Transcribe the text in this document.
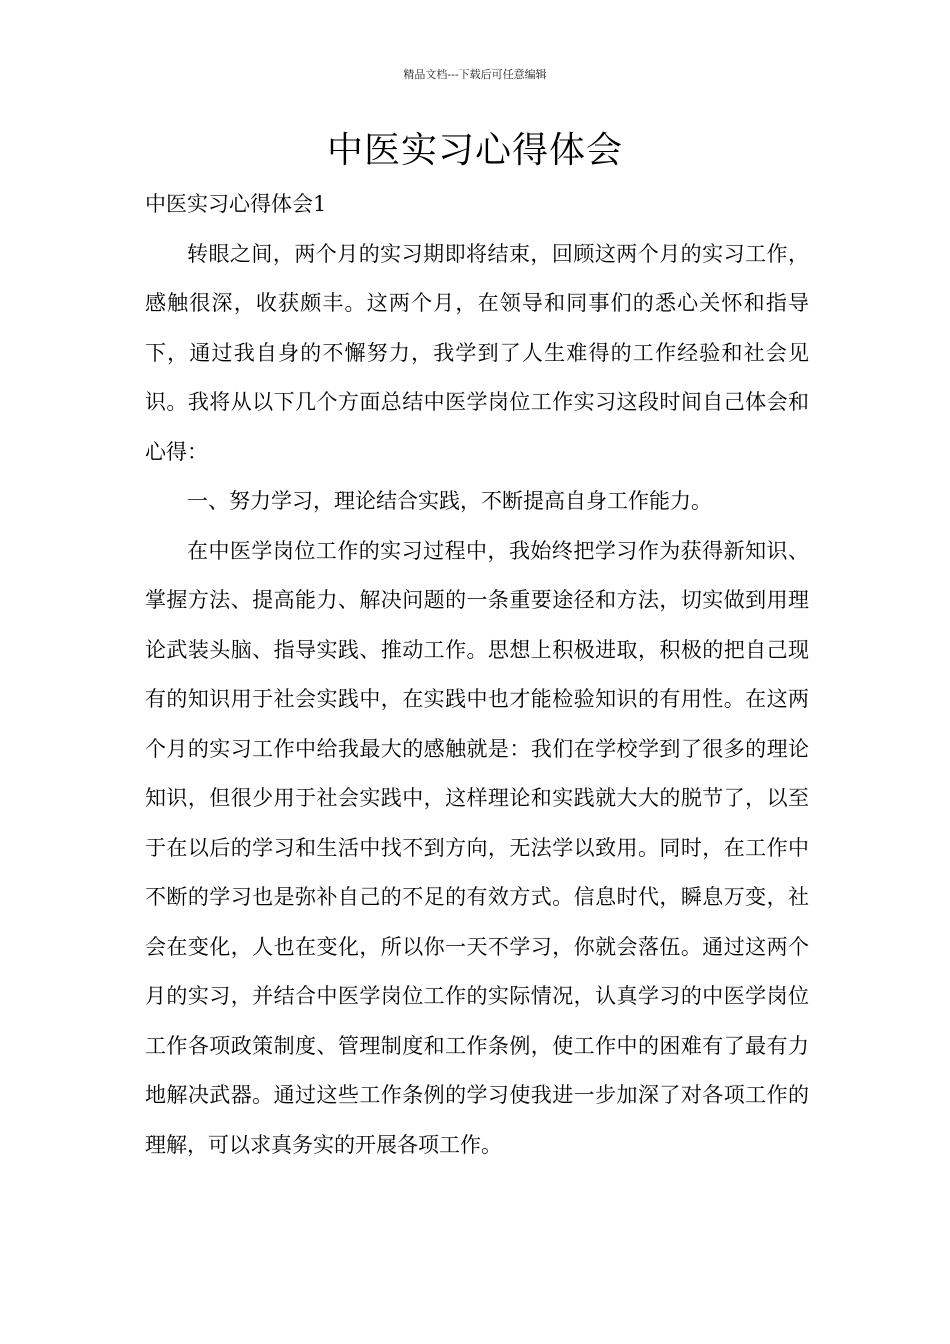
精品文档---下载后可任意编辑
中医实习心得体会

中医实习心得体会1

转眼之间，两个月的实习期即将结束，回顾这两个月的实习工作，感触很深，收获颇丰。这两个月，在领导和同事们的悉心关怀和指导下，通过我自身的不懈努力，我学到了人生难得的工作经验和社会见识。我将从以下几个方面总结中医学岗位工作实习这段时间自己体会和心得：

一、努力学习，理论结合实践，不断提高自身工作能力。

在中医学岗位工作的实习过程中，我始终把学习作为获得新知识、掌握方法、提高能力、解决问题的一条重要途径和方法，切实做到用理论武装头脑、指导实践、推动工作。思想上积极进取，积极的把自己现有的知识用于社会实践中，在实践中也才能检验知识的有用性。在这两个月的实习工作中给我最大的感触就是：我们在学校学到了很多的理论知识，但很少用于社会实践中，这样理论和实践就大大的脱节了，以至于在以后的学习和生活中找不到方向，无法学以致用。同时，在工作中不断的学习也是弥补自己的不足的有效方式。信息时代，瞬息万变，社会在变化，人也在变化，所以你一天不学习，你就会落伍。通过这两个月的实习，并结合中医学岗位工作的实际情况，认真学习的中医学岗位工作各项政策制度、管理制度和工作条例，使工作中的困难有了最有力地解决武器。通过这些工作条例的学习使我进一步加深了对各项工作的理解，可以求真务实的开展各项工作。
